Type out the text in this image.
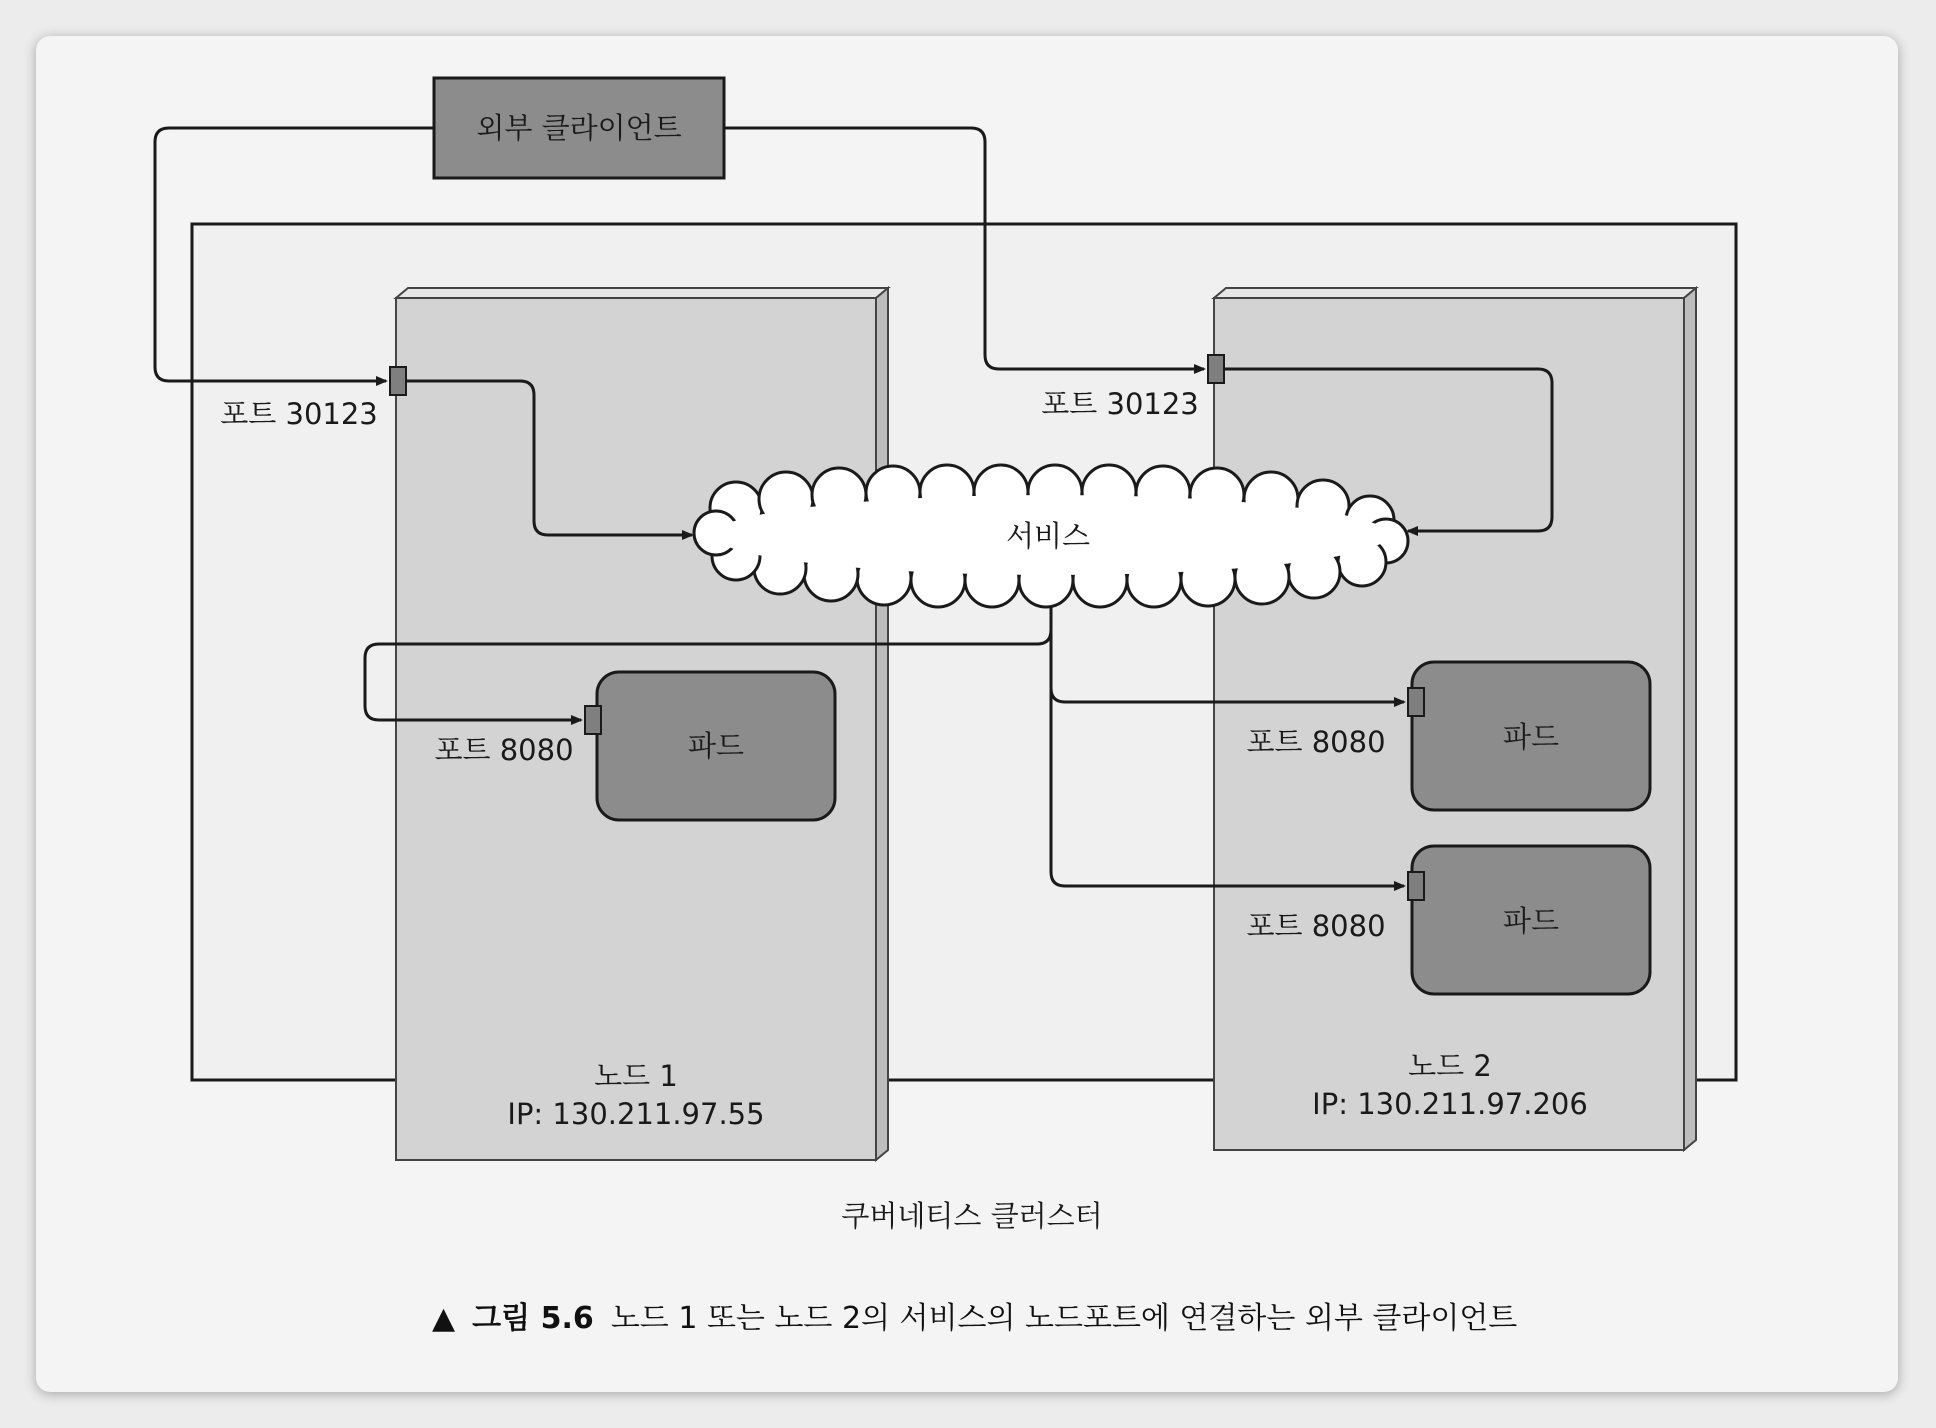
서비스
외부 클라이언트
포트 30123	포트 30123
파드
포트 8080	파드
포트 8080
파드
포트 8080
노드 1
IP: 130.211.97.55
노드 2
IP: 130.211.97.206
쿠버네티스 클러스터
▲ 그림 5.6 노드 1 또는 노드 2의 서비스의 노드포트에 연결하는 외부 클라이언트
